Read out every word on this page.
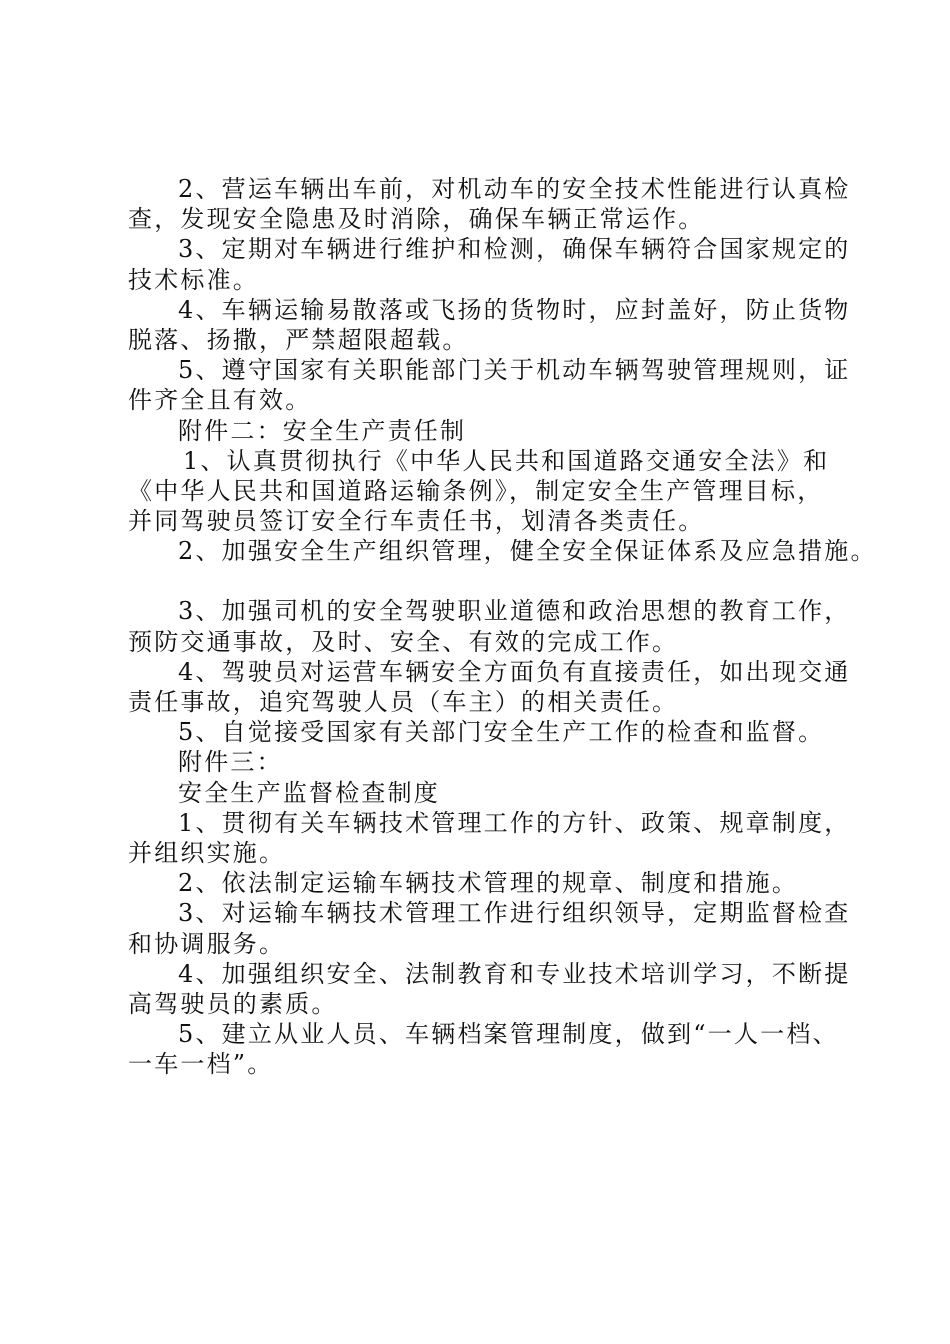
2、营运车辆出车前，对机动车的安全技术性能进行认真检
查，发现安全隐患及时消除，确保车辆正常运作。
3、定期对车辆进行维护和检测，确保车辆符合国家规定的
技术标准。
4、车辆运输易散落或飞扬的货物时，应封盖好，防止货物
脱落、扬撒，严禁超限超载。
5、遵守国家有关职能部门关于机动车辆驾驶管理规则，证
件齐全且有效。
附件二：安全生产责任制
1、认真贯彻执行《中华人民共和国道路交通安全法》和
《中华人民共和国道路运输条例》，制定安全生产管理目标，
并同驾驶员签订安全行车责任书，划清各类责任。
2、加强安全生产组织管理，健全安全保证体系及应急措施。
3、加强司机的安全驾驶职业道德和政治思想的教育工作，
预防交通事故，及时、安全、有效的完成工作。
4、驾驶员对运营车辆安全方面负有直接责任，如出现交通
责任事故，追究驾驶人员（车主）的相关责任。
5、自觉接受国家有关部门安全生产工作的检查和监督。
附件三：
安全生产监督检查制度
1、贯彻有关车辆技术管理工作的方针、政策、规章制度，
并组织实施。
2、依法制定运输车辆技术管理的规章、制度和措施。
3、对运输车辆技术管理工作进行组织领导，定期监督检查
和协调服务。
4、加强组织安全、法制教育和专业技术培训学习，不断提
高驾驶员的素质。
5、建立从业人员、车辆档案管理制度，做到“一人一档、
一车一档”。
